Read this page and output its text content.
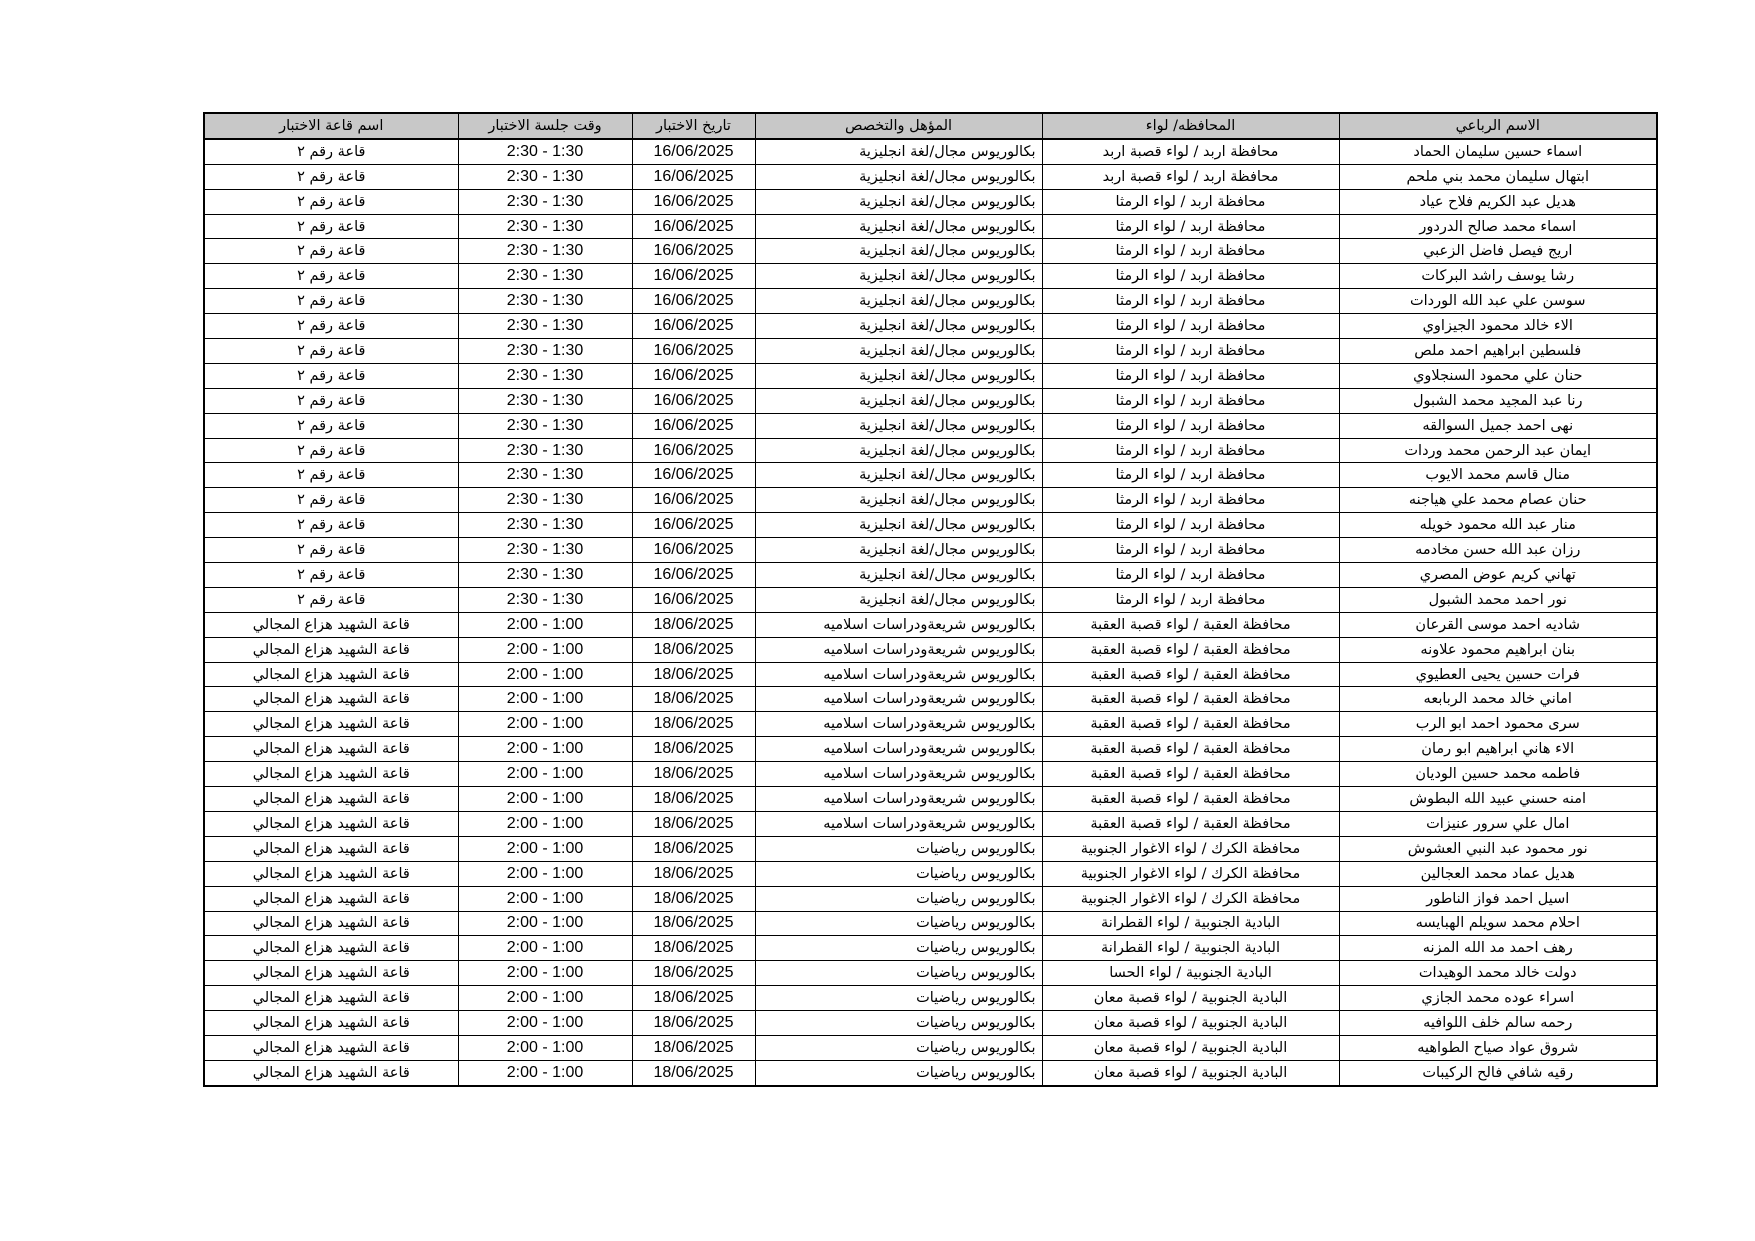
الاسم الرباعي	المحافظه/ لواء	المؤهل والتخصص	تاريخ الاختبار	وقت جلسة الاختبار	اسم قاعة الاختبار
اسماء حسين سليمان الحماد	محافظة اربد / لواء قصبة اربد	بكالوريوس مجال/لغة انجليزية	16/06/2025	2:30 - 1:30	قاعة رقم ٢
ابتهال سليمان محمد بني ملحم	محافظة اربد / لواء قصبة اربد	بكالوريوس مجال/لغة انجليزية	16/06/2025	2:30 - 1:30	قاعة رقم ٢
هديل عبد الكريم فلاح عياد	محافظة اربد / لواء الرمثا	بكالوريوس مجال/لغة انجليزية	16/06/2025	2:30 - 1:30	قاعة رقم ٢
اسماء محمد صالح الدردور	محافظة اربد / لواء الرمثا	بكالوريوس مجال/لغة انجليزية	16/06/2025	2:30 - 1:30	قاعة رقم ٢
اريج فيصل فاضل الزعبي	محافظة اربد / لواء الرمثا	بكالوريوس مجال/لغة انجليزية	16/06/2025	2:30 - 1:30	قاعة رقم ٢
رشا يوسف راشد البركات	محافظة اربد / لواء الرمثا	بكالوريوس مجال/لغة انجليزية	16/06/2025	2:30 - 1:30	قاعة رقم ٢
سوسن علي عبد الله الوردات	محافظة اربد / لواء الرمثا	بكالوريوس مجال/لغة انجليزية	16/06/2025	2:30 - 1:30	قاعة رقم ٢
الاء خالد محمود الجيزاوي	محافظة اربد / لواء الرمثا	بكالوريوس مجال/لغة انجليزية	16/06/2025	2:30 - 1:30	قاعة رقم ٢
فلسطين ابراهيم احمد ملص	محافظة اربد / لواء الرمثا	بكالوريوس مجال/لغة انجليزية	16/06/2025	2:30 - 1:30	قاعة رقم ٢
حنان علي محمود السنجلاوي	محافظة اربد / لواء الرمثا	بكالوريوس مجال/لغة انجليزية	16/06/2025	2:30 - 1:30	قاعة رقم ٢
رنا عبد المجيد محمد الشبول	محافظة اربد / لواء الرمثا	بكالوريوس مجال/لغة انجليزية	16/06/2025	2:30 - 1:30	قاعة رقم ٢
نهى احمد جميل السوالقه	محافظة اربد / لواء الرمثا	بكالوريوس مجال/لغة انجليزية	16/06/2025	2:30 - 1:30	قاعة رقم ٢
ايمان عبد الرحمن محمد وردات	محافظة اربد / لواء الرمثا	بكالوريوس مجال/لغة انجليزية	16/06/2025	2:30 - 1:30	قاعة رقم ٢
منال قاسم محمد الايوب	محافظة اربد / لواء الرمثا	بكالوريوس مجال/لغة انجليزية	16/06/2025	2:30 - 1:30	قاعة رقم ٢
حنان عصام محمد علي هياجنه	محافظة اربد / لواء الرمثا	بكالوريوس مجال/لغة انجليزية	16/06/2025	2:30 - 1:30	قاعة رقم ٢
منار عبد الله محمود خويله	محافظة اربد / لواء الرمثا	بكالوريوس مجال/لغة انجليزية	16/06/2025	2:30 - 1:30	قاعة رقم ٢
رزان عبد الله حسن مخادمه	محافظة اربد / لواء الرمثا	بكالوريوس مجال/لغة انجليزية	16/06/2025	2:30 - 1:30	قاعة رقم ٢
تهاني كريم عوض المصري	محافظة اربد / لواء الرمثا	بكالوريوس مجال/لغة انجليزية	16/06/2025	2:30 - 1:30	قاعة رقم ٢
نور احمد محمد الشبول	محافظة اربد / لواء الرمثا	بكالوريوس مجال/لغة انجليزية	16/06/2025	2:30 - 1:30	قاعة رقم ٢
شاديه احمد موسى القرعان	محافظة العقبة / لواء قصبة العقبة	بكالوريوس شريعةودراسات اسلاميه	18/06/2025	2:00 - 1:00	قاعة الشهيد هزاع المجالي
بنان ابراهيم محمود علاونه	محافظة العقبة / لواء قصبة العقبة	بكالوريوس شريعةودراسات اسلاميه	18/06/2025	2:00 - 1:00	قاعة الشهيد هزاع المجالي
فرات حسين يحيى العطيوي	محافظة العقبة / لواء قصبة العقبة	بكالوريوس شريعةودراسات اسلاميه	18/06/2025	2:00 - 1:00	قاعة الشهيد هزاع المجالي
اماني خالد محمد الربابعه	محافظة العقبة / لواء قصبة العقبة	بكالوريوس شريعةودراسات اسلاميه	18/06/2025	2:00 - 1:00	قاعة الشهيد هزاع المجالي
سرى محمود احمد ابو الرب	محافظة العقبة / لواء قصبة العقبة	بكالوريوس شريعةودراسات اسلاميه	18/06/2025	2:00 - 1:00	قاعة الشهيد هزاع المجالي
الاء هاني ابراهيم ابو رمان	محافظة العقبة / لواء قصبة العقبة	بكالوريوس شريعةودراسات اسلاميه	18/06/2025	2:00 - 1:00	قاعة الشهيد هزاع المجالي
فاطمه محمد حسين الوديان	محافظة العقبة / لواء قصبة العقبة	بكالوريوس شريعةودراسات اسلاميه	18/06/2025	2:00 - 1:00	قاعة الشهيد هزاع المجالي
امنه حسني عبيد الله البطوش	محافظة العقبة / لواء قصبة العقبة	بكالوريوس شريعةودراسات اسلاميه	18/06/2025	2:00 - 1:00	قاعة الشهيد هزاع المجالي
امال علي سرور عنيزات	محافظة العقبة / لواء قصبة العقبة	بكالوريوس شريعةودراسات اسلاميه	18/06/2025	2:00 - 1:00	قاعة الشهيد هزاع المجالي
نور محمود عبد النبي العشوش	محافظة الكرك / لواء الاغوار الجنوبية	بكالوريوس رياضيات	18/06/2025	2:00 - 1:00	قاعة الشهيد هزاع المجالي
هديل عماد محمد العجالين	محافظة الكرك / لواء الاغوار الجنوبية	بكالوريوس رياضيات	18/06/2025	2:00 - 1:00	قاعة الشهيد هزاع المجالي
اسيل احمد فواز الناطور	محافظة الكرك / لواء الاغوار الجنوبية	بكالوريوس رياضيات	18/06/2025	2:00 - 1:00	قاعة الشهيد هزاع المجالي
احلام محمد سويلم الهبايسه	البادية الجنوبية / لواء القطرانة	بكالوريوس رياضيات	18/06/2025	2:00 - 1:00	قاعة الشهيد هزاع المجالي
رهف احمد مد الله المزنه	البادية الجنوبية / لواء القطرانة	بكالوريوس رياضيات	18/06/2025	2:00 - 1:00	قاعة الشهيد هزاع المجالي
دولت خالد محمد الوهيدات	البادية الجنوبية / لواء الحسا	بكالوريوس رياضيات	18/06/2025	2:00 - 1:00	قاعة الشهيد هزاع المجالي
اسراء عوده محمد الجازي	البادية الجنوبية / لواء قصبة معان	بكالوريوس رياضيات	18/06/2025	2:00 - 1:00	قاعة الشهيد هزاع المجالي
رحمه سالم خلف اللوافيه	البادية الجنوبية / لواء قصبة معان	بكالوريوس رياضيات	18/06/2025	2:00 - 1:00	قاعة الشهيد هزاع المجالي
شروق عواد صياح الطواهيه	البادية الجنوبية / لواء قصبة معان	بكالوريوس رياضيات	18/06/2025	2:00 - 1:00	قاعة الشهيد هزاع المجالي
رقيه شافي فالح الركيبات	البادية الجنوبية / لواء قصبة معان	بكالوريوس رياضيات	18/06/2025	2:00 - 1:00	قاعة الشهيد هزاع المجالي
